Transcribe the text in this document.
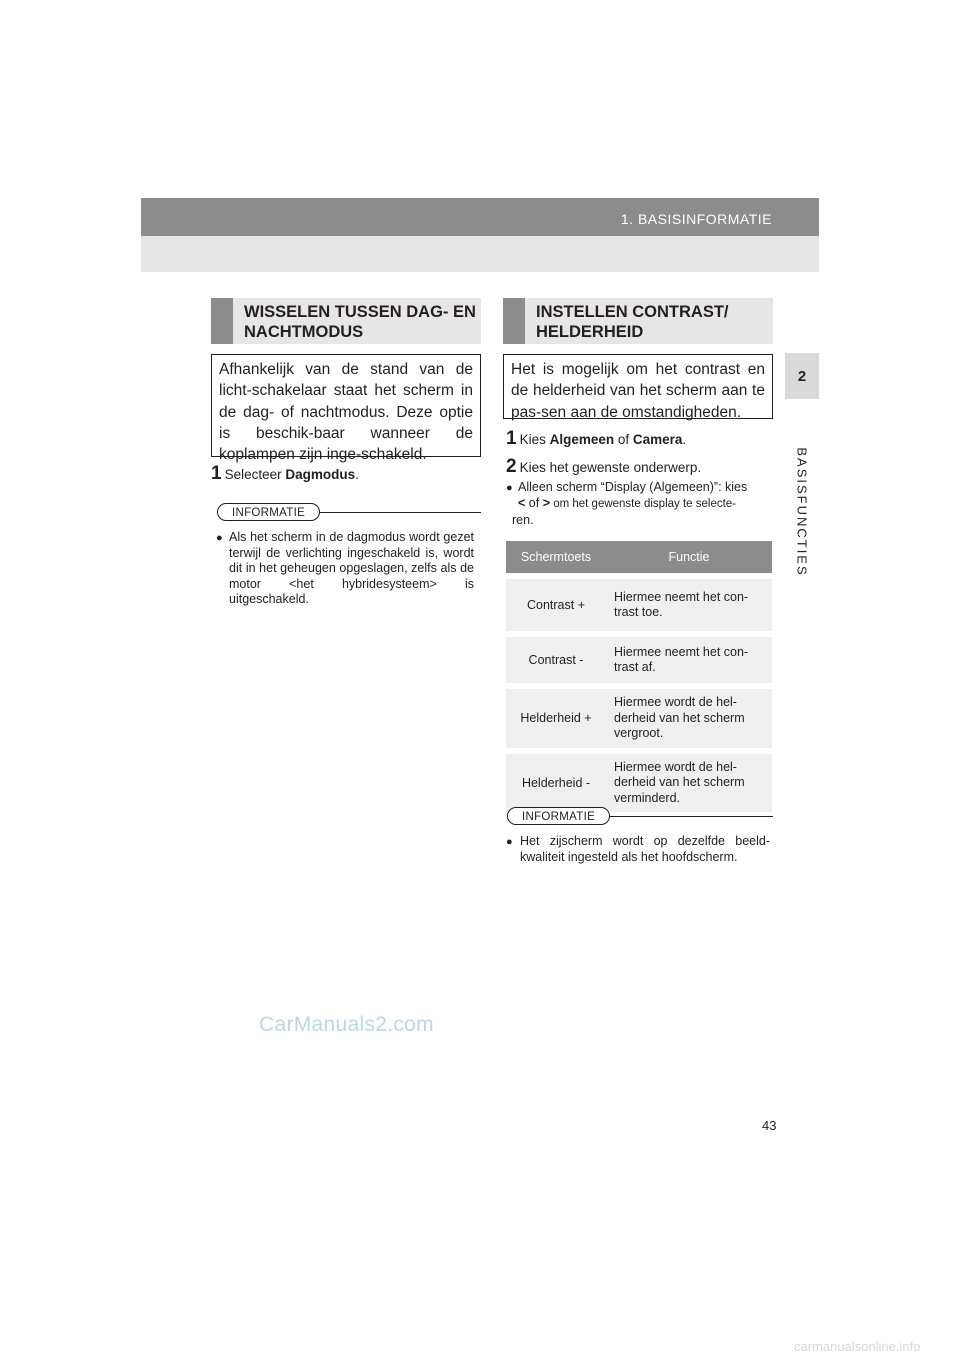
1. BASISINFORMATIE
2
BASISFUNCTIES
WISSELEN TUSSEN DAG- EN
NACHTMODUS
Afhankelijk van de stand van de licht-schakelaar staat het scherm in de dag- of nachtmodus. Deze optie is beschik-baar wanneer de koplampen zijn inge-schakeld.
1 Selecteer Dagmodus.
INFORMATIE
● Als het scherm in de dagmodus wordt gezet terwijl de verlichting ingeschakeld is, wordt dit in het geheugen opgeslagen, zelfs als de motor <het hybridesysteem> is uitgeschakeld.
INSTELLEN CONTRAST/
HELDERHEID
Het is mogelijk om het contrast en de helderheid van het scherm aan te pas-sen aan de omstandigheden.
1 Kies Algemeen of Camera.
2 Kies het gewenste onderwerp.
● Alleen scherm “Display (Algemeen)”: kies
< of > om het gewenste display te selecte-
ren.
Schermtoets	Functie

Contrast +	Hiermee neemt het con-trast toe.

Contrast -	Hiermee neemt het con-trast af.

Helderheid +	Hiermee wordt de hel-derheid van het scherm vergroot.

Helderheid -	Hiermee wordt de hel-derheid van het scherm verminderd.
INFORMATIE
● Het zijscherm wordt op dezelfde beeld-kwaliteit ingesteld als het hoofdscherm.
CarManuals2.com
43
carmanualsonline.info
